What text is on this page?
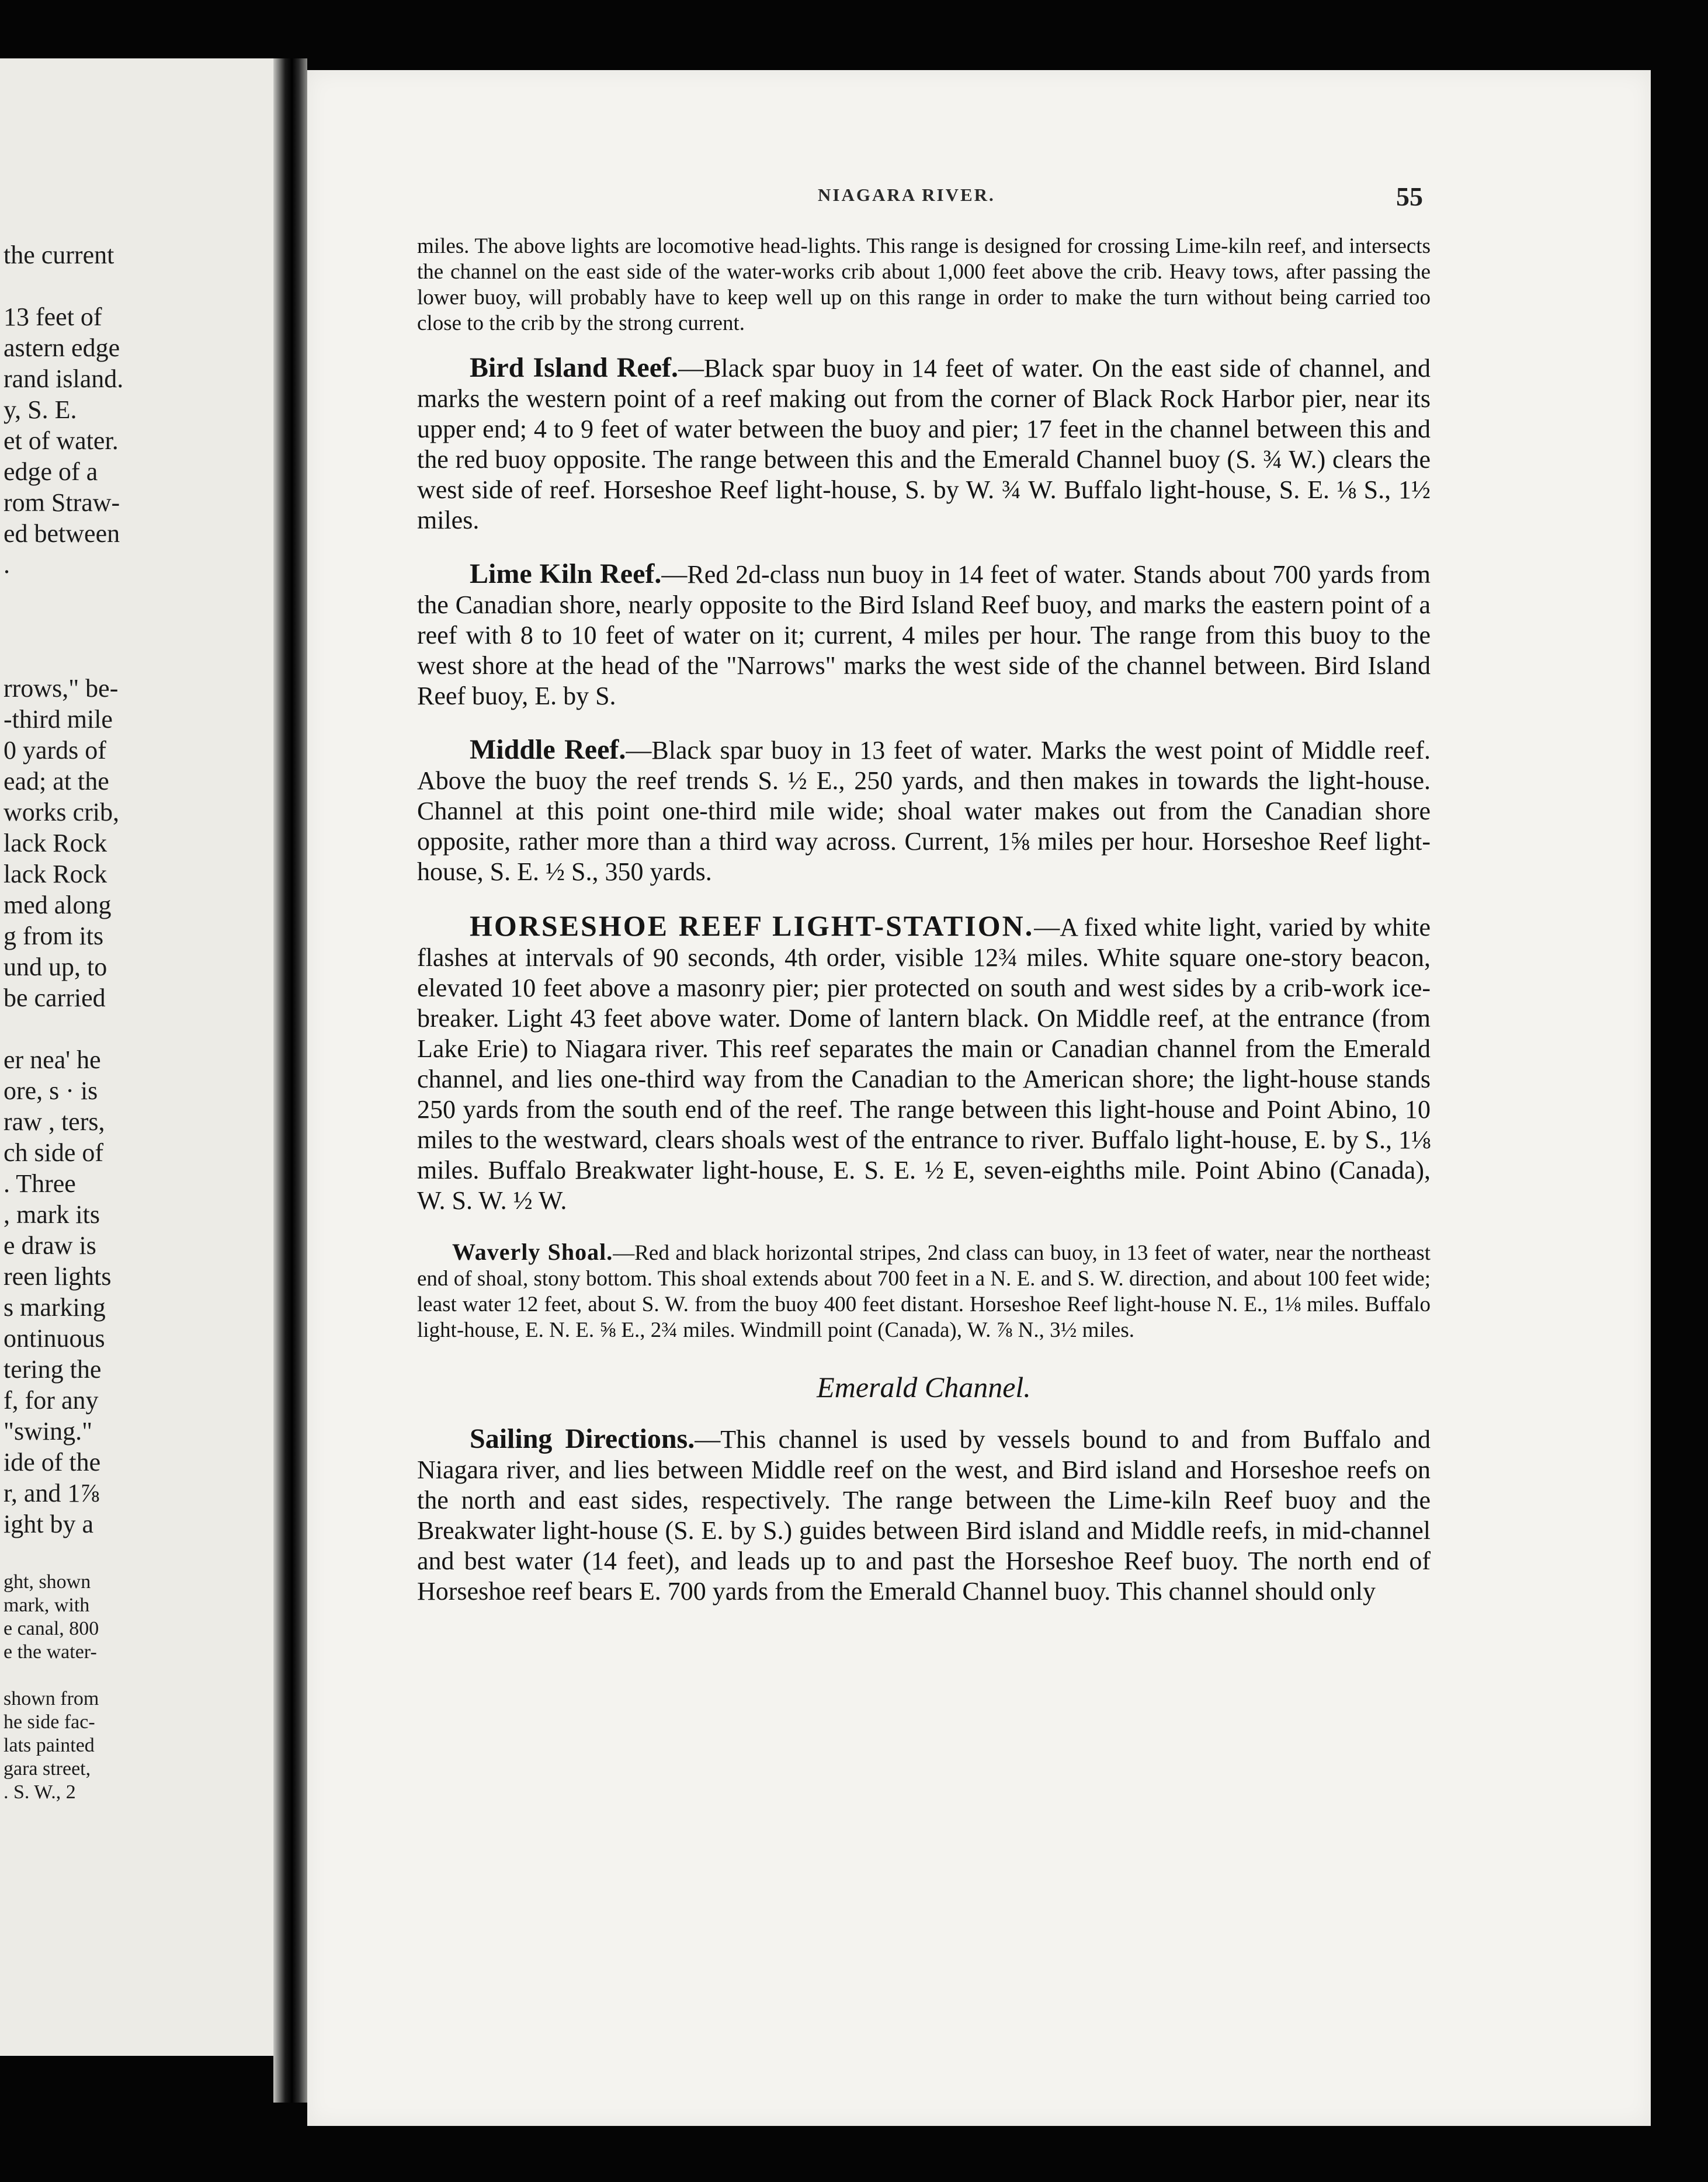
the current
13 feet of
astern edge
rand island.
y, S. E.
et of water.
edge of a
rom Straw-
ed between
.
rrows," be-
-third mile
0 yards of
ead; at the
works crib,
lack Rock
lack Rock
med along
g from its
und up, to
be carried
er nea' he
ore, s · is
raw , ters,
ch side of
. Three
, mark its
e draw is
reen lights
s marking
ontinuous
tering the
f, for any
"swing."
ide of the
r, and 1⅞
ight by a
ght, shown
mark, with
e canal, 800
e the water-
shown from
he side fac-
lats painted
gara street,
. S. W., 2
NIAGARA RIVER.	55

miles. The above lights are locomotive head-lights. This range is designed for crossing Lime-kiln reef, and intersects the channel on the east side of the water-works crib about 1,000 feet above the crib. Heavy tows, after passing the lower buoy, will probably have to keep well up on this range in order to make the turn without being carried too close to the crib by the strong current.

Bird Island Reef.—Black spar buoy in 14 feet of water. On the east side of channel, and marks the western point of a reef making out from the corner of Black Rock Harbor pier, near its upper end; 4 to 9 feet of water between the buoy and pier; 17 feet in the channel between this and the red buoy opposite. The range between this and the Emerald Channel buoy (S. ¾ W.) clears the west side of reef. Horseshoe Reef light-house, S. by W. ¾ W. Buffalo light-house, S. E. ⅛ S., 1½ miles.

Lime Kiln Reef.—Red 2d-class nun buoy in 14 feet of water. Stands about 700 yards from the Canadian shore, nearly opposite to the Bird Island Reef buoy, and marks the eastern point of a reef with 8 to 10 feet of water on it; current, 4 miles per hour. The range from this buoy to the west shore at the head of the "Narrows" marks the west side of the channel between. Bird Island Reef buoy, E. by S.

Middle Reef.—Black spar buoy in 13 feet of water. Marks the west point of Middle reef. Above the buoy the reef trends S. ½ E., 250 yards, and then makes in towards the light-house. Channel at this point one-third mile wide; shoal water makes out from the Canadian shore opposite, rather more than a third way across. Current, 1⅝ miles per hour. Horseshoe Reef light-house, S. E. ½ S., 350 yards.

HORSESHOE REEF LIGHT-STATION.—A fixed white light, varied by white flashes at intervals of 90 seconds, 4th order, visible 12¾ miles. White square one-story beacon, elevated 10 feet above a masonry pier; pier protected on south and west sides by a crib-work ice-breaker. Light 43 feet above water. Dome of lantern black. On Middle reef, at the entrance (from Lake Erie) to Niagara river. This reef separates the main or Canadian channel from the Emerald channel, and lies one-third way from the Canadian to the American shore; the light-house stands 250 yards from the south end of the reef. The range between this light-house and Point Abino, 10 miles to the westward, clears shoals west of the entrance to river. Buffalo light-house, E. by S., 1⅛ miles. Buffalo Breakwater light-house, E. S. E. ½ E, seven-eighths mile. Point Abino (Canada), W. S. W. ½ W.

Waverly Shoal.—Red and black horizontal stripes, 2nd class can buoy, in 13 feet of water, near the northeast end of shoal, stony bottom. This shoal extends about 700 feet in a N. E. and S. W. direction, and about 100 feet wide; least water 12 feet, about S. W. from the buoy 400 feet distant. Horseshoe Reef light-house N. E., 1⅛ miles. Buffalo light-house, E. N. E. ⅝ E., 2¾ miles. Windmill point (Canada), W. ⅞ N., 3½ miles.

Emerald Channel.

Sailing Directions.—This channel is used by vessels bound to and from Buffalo and Niagara river, and lies between Middle reef on the west, and Bird island and Horseshoe reefs on the north and east sides, respectively. The range between the Lime-kiln Reef buoy and the Breakwater light-house (S. E. by S.) guides between Bird island and Middle reefs, in mid-channel and best water (14 feet), and leads up to and past the Horseshoe Reef buoy. The north end of Horseshoe reef bears E. 700 yards from the Emerald Channel buoy. This channel should only
